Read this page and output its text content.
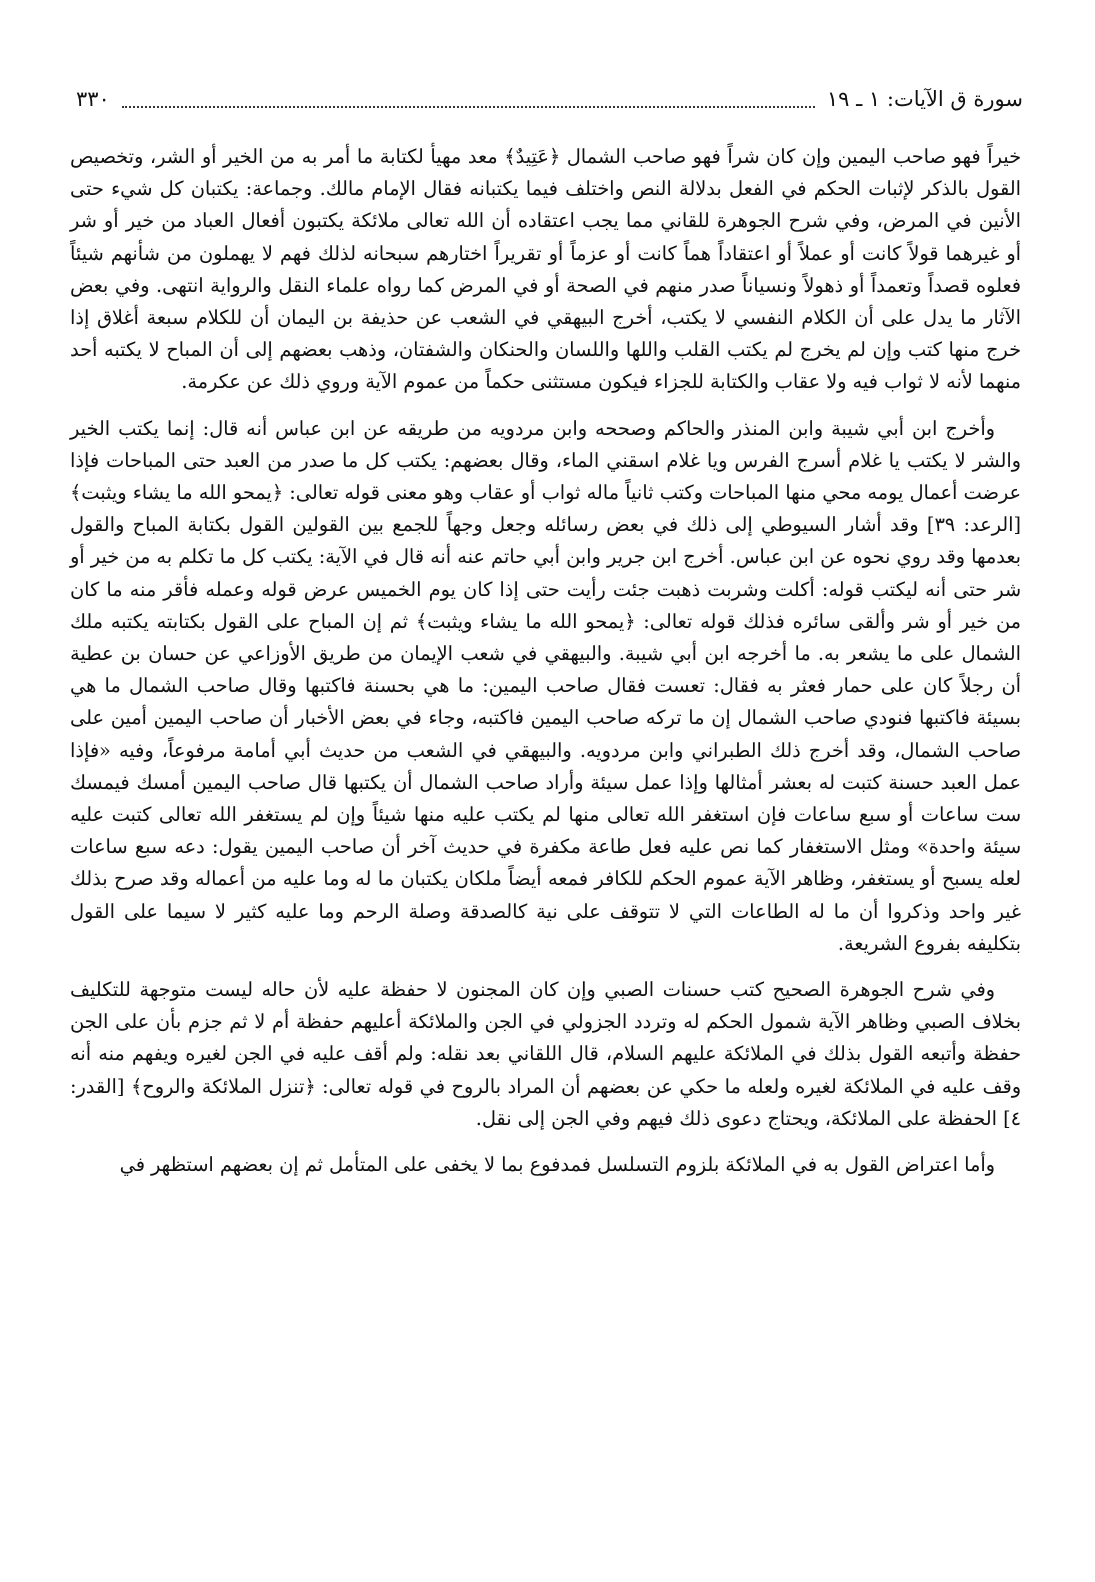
سورة ق الآيات: ١ ـ ١٩
٣٣٠

خيراً فهو صاحب اليمين وإن كان شراً فهو صاحب الشمال ﴿عَتِيدٌ﴾ معد مهيأ لكتابة ما أمر به من الخير أو الشر، وتخصيص القول بالذكر لإثبات الحكم في الفعل بدلالة النص واختلف فيما يكتبانه فقال الإمام مالك. وجماعة: يكتبان كل شيء حتى الأنين في المرض، وفي شرح الجوهرة للقاني مما يجب اعتقاده أن الله تعالى ملائكة يكتبون أفعال العباد من خير أو شر أو غيرهما قولاً كانت أو عملاً أو اعتقاداً هماً كانت أو عزماً أو تقريراً اختارهم سبحانه لذلك فهم لا يهملون من شأنهم شيئاً فعلوه قصداً وتعمداً أو ذهولاً ونسياناً صدر منهم في الصحة أو في المرض كما رواه علماء النقل والرواية انتهى. وفي بعض الآثار ما يدل على أن الكلام النفسي لا يكتب، أخرج البيهقي في الشعب عن حذيفة بن اليمان أن للكلام سبعة أغلاق إذا خرج منها كتب وإن لم يخرج لم يكتب القلب واللها واللسان والحنكان والشفتان، وذهب بعضهم إلى أن المباح لا يكتبه أحد منهما لأنه لا ثواب فيه ولا عقاب والكتابة للجزاء فيكون مستثنى حكماً من عموم الآية وروي ذلك عن عكرمة.

وأخرج ابن أبي شيبة وابن المنذر والحاكم وصححه وابن مردويه من طريقه عن ابن عباس أنه قال: إنما يكتب الخير والشر لا يكتب يا غلام أسرج الفرس ويا غلام اسقني الماء، وقال بعضهم: يكتب كل ما صدر من العبد حتى المباحات فإذا عرضت أعمال يومه محي منها المباحات وكتب ثانياً ماله ثواب أو عقاب وهو معنى قوله تعالى: ﴿يمحو الله ما يشاء ويثبت﴾ [الرعد: ٣٩] وقد أشار السيوطي إلى ذلك في بعض رسائله وجعل وجهاً للجمع بين القولين القول بكتابة المباح والقول بعدمها وقد روي نحوه عن ابن عباس. أخرج ابن جرير وابن أبي حاتم عنه أنه قال في الآية: يكتب كل ما تكلم به من خير أو شر حتى أنه ليكتب قوله: أكلت وشربت ذهبت جئت رأيت حتى إذا كان يوم الخميس عرض قوله وعمله فأقر منه ما كان من خير أو شر وألقى سائره فذلك قوله تعالى: ﴿يمحو الله ما يشاء ويثبت﴾ ثم إن المباح على القول بكتابته يكتبه ملك الشمال على ما يشعر به. ما أخرجه ابن أبي شيبة. والبيهقي في شعب الإيمان من طريق الأوزاعي عن حسان بن عطية أن رجلاً كان على حمار فعثر به فقال: تعست فقال صاحب اليمين: ما هي بحسنة فاكتبها وقال صاحب الشمال ما هي بسيئة فاكتبها فنودي صاحب الشمال إن ما تركه صاحب اليمين فاكتبه، وجاء في بعض الأخبار أن صاحب اليمين أمين على صاحب الشمال، وقد أخرج ذلك الطبراني وابن مردويه. والبيهقي في الشعب من حديث أبي أمامة مرفوعاً، وفيه «فإذا عمل العبد حسنة كتبت له بعشر أمثالها وإذا عمل سيئة وأراد صاحب الشمال أن يكتبها قال صاحب اليمين أمسك فيمسك ست ساعات أو سبع ساعات فإن استغفر الله تعالى منها لم يكتب عليه منها شيئاً وإن لم يستغفر الله تعالى كتبت عليه سيئة واحدة» ومثل الاستغفار كما نص عليه فعل طاعة مكفرة في حديث آخر أن صاحب اليمين يقول: دعه سبع ساعات لعله يسبح أو يستغفر، وظاهر الآية عموم الحكم للكافر فمعه أيضاً ملكان يكتبان ما له وما عليه من أعماله وقد صرح بذلك غير واحد وذكروا أن ما له الطاعات التي لا تتوقف على نية كالصدقة وصلة الرحم وما عليه كثير لا سيما على القول بتكليفه بفروع الشريعة.

وفي شرح الجوهرة الصحيح كتب حسنات الصبي وإن كان المجنون لا حفظة عليه لأن حاله ليست متوجهة للتكليف بخلاف الصبي وظاهر الآية شمول الحكم له وتردد الجزولي في الجن والملائكة أعليهم حفظة أم لا ثم جزم بأن على الجن حفظة وأتبعه القول بذلك في الملائكة عليهم السلام، قال اللقاني بعد نقله: ولم أقف عليه في الجن لغيره ويفهم منه أنه وقف عليه في الملائكة لغيره ولعله ما حكي عن بعضهم أن المراد بالروح في قوله تعالى: ﴿تنزل الملائكة والروح﴾ [القدر: ٤] الحفظة على الملائكة، ويحتاج دعوى ذلك فيهم وفي الجن إلى نقل.

وأما اعتراض القول به في الملائكة بلزوم التسلسل فمدفوع بما لا يخفى على المتأمل ثم إن بعضهم استظهر في
